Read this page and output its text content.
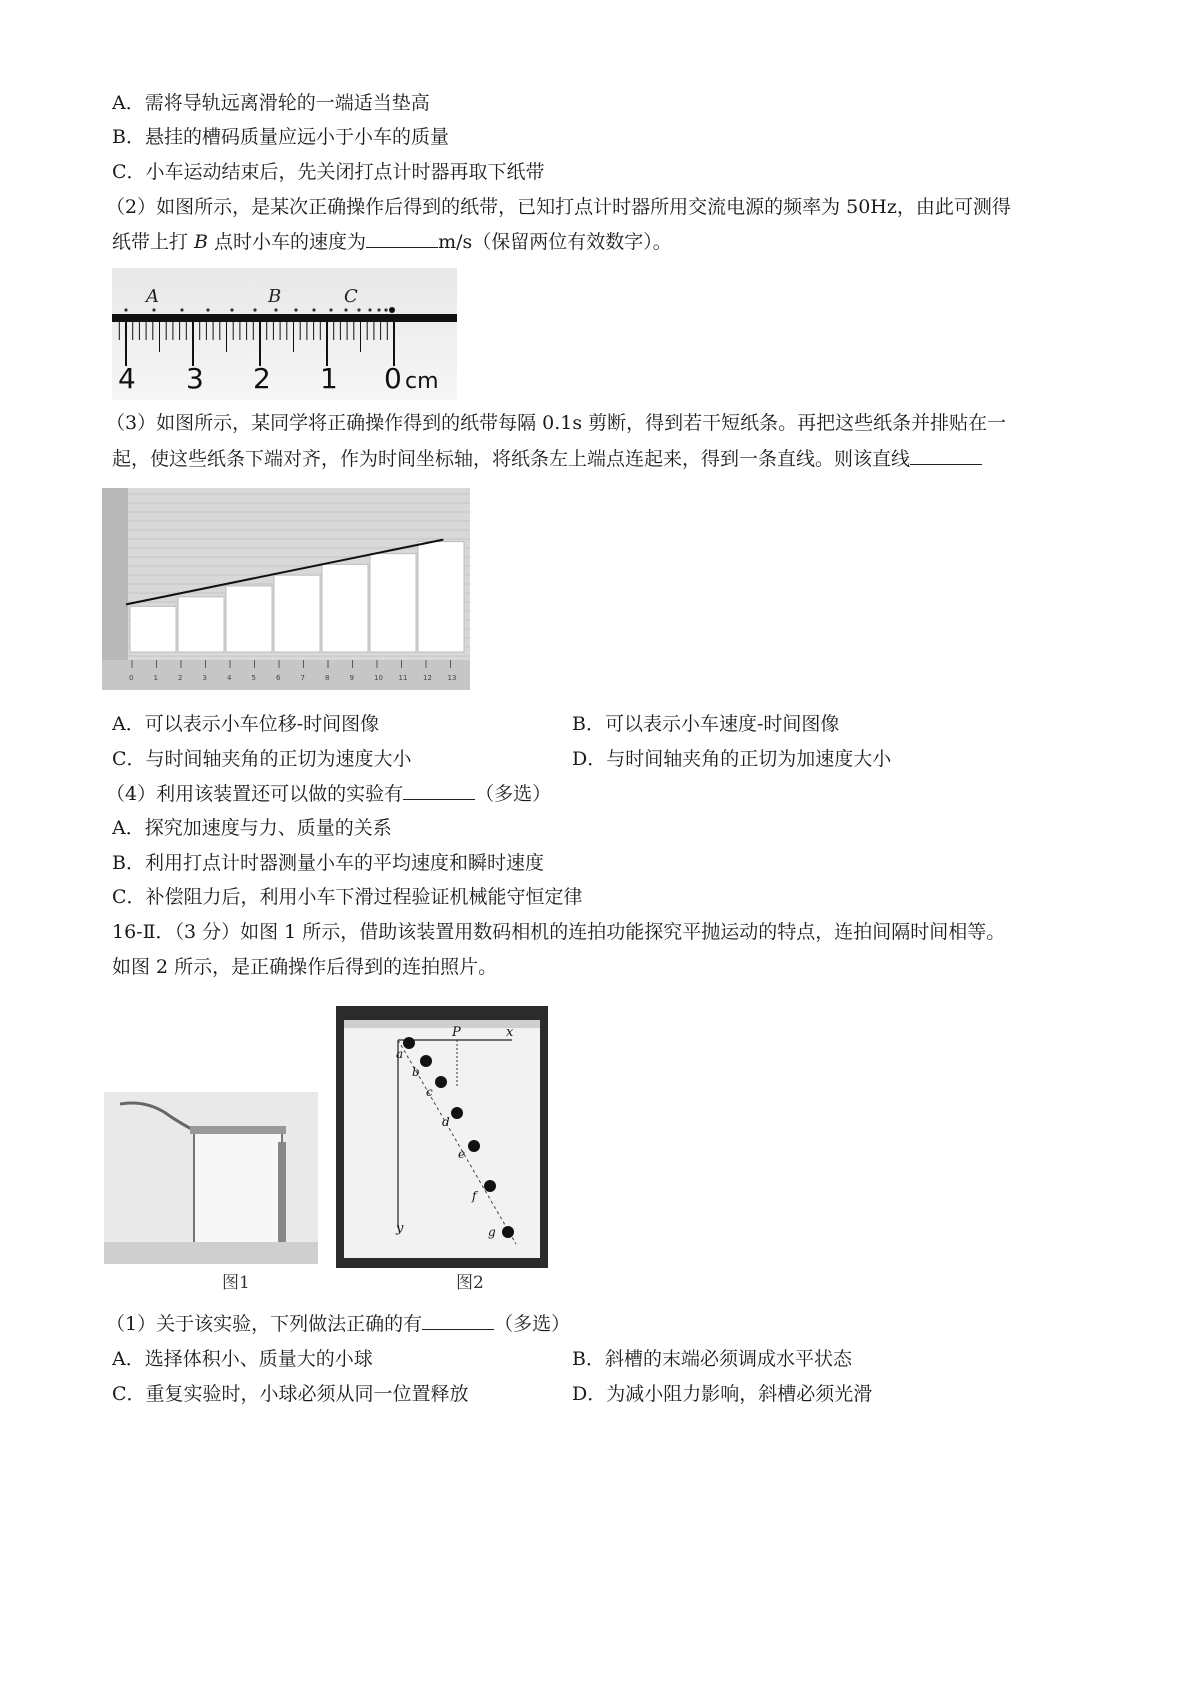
A．需将导轨远离滑轮的一端适当垫高
B．悬挂的槽码质量应远小于小车的质量
C．小车运动结束后，先关闭打点计时器再取下纸带
（2）如图所示，是某次正确操作后得到的纸带，已知打点计时器所用交流电源的频率为 50Hz，由此可测得
纸带上打 B 点时小车的速度为	m/s（保留两位有效数字）。
A	B	C
4 3 2 1 0 cm
（3）如图所示，某同学将正确操作得到的纸带每隔 0.1s 剪断，得到若干短纸条。再把这些纸条并排贴在一
起，使这些纸条下端对齐，作为时间坐标轴，将纸条左上端点连起来，得到一条直线。则该直线
0	1	2	3	4	5	6	7	8	9	10 11 12 13
A．可以表示小车位移-时间图像	B．可以表示小车速度-时间图像
C．与时间轴夹角的正切为速度大小	D．与时间轴夹角的正切为加速度大小
（4）利用该装置还可以做的实验有	（多选）
A．探究加速度与力、质量的关系
B．利用打点计时器测量小车的平均速度和瞬时速度
C．补偿阻力后，利用小车下滑过程验证机械能守恒定律
16-Ⅱ．（3 分）如图 1 所示，借助该装置用数码相机的连拍功能探究平抛运动的特点，连拍间隔时间相等。
如图 2 所示，是正确操作后得到的连拍照片。
图1
P	x
y
a
b
c
d
e
f
g
图2
（1）关于该实验，下列做法正确的有	（多选）
A．选择体积小、质量大的小球	B．斜槽的末端必须调成水平状态
C．重复实验时，小球必须从同一位置释放	D．为减小阻力影响，斜槽必须光滑
